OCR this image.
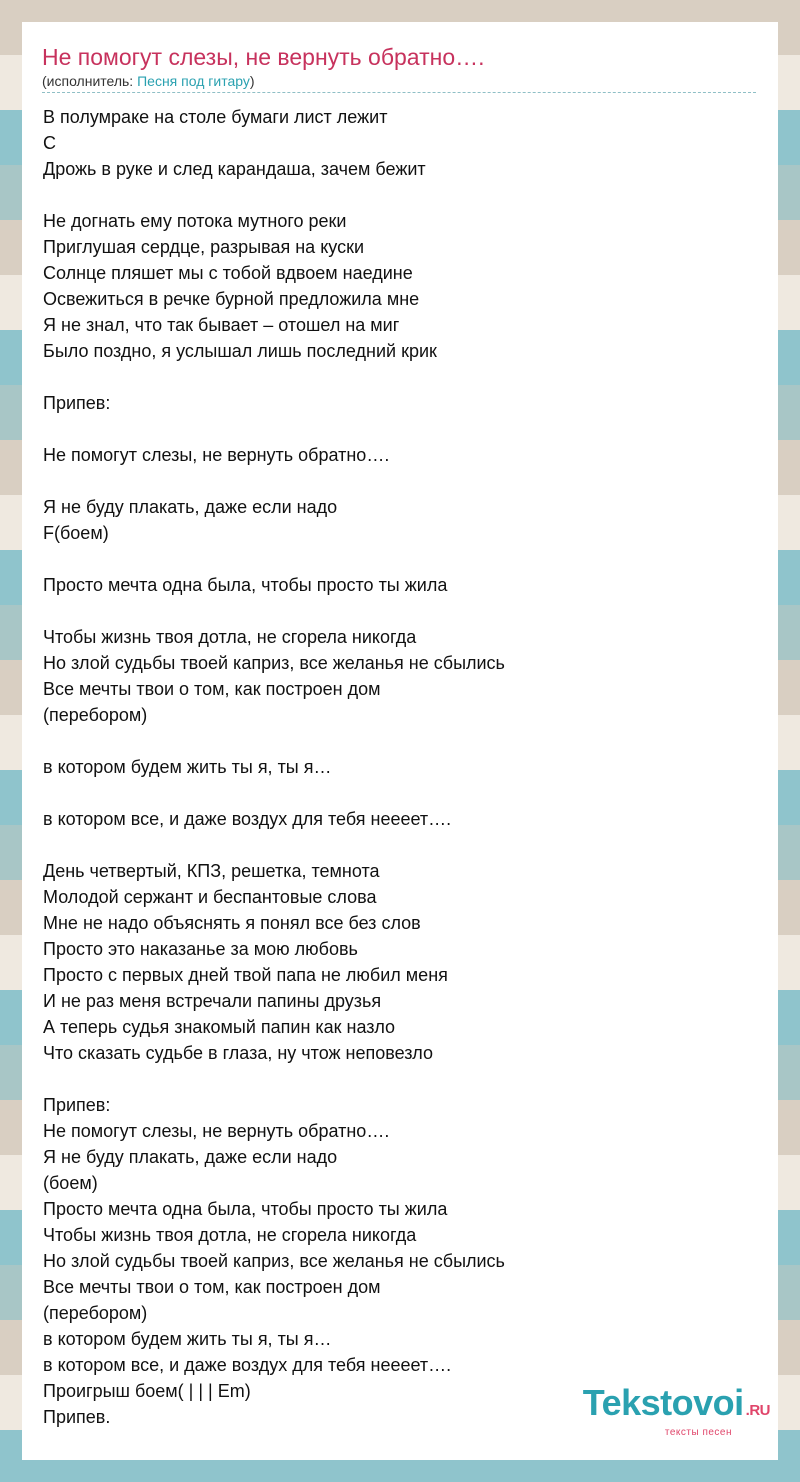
Не помогут слезы, не вернуть обратно….
(исполнитель: Песня под гитару)
В полумраке на столе бумаги лист лежит
C
Дрожь в руке и след карандаша, зачем бежит
Не догнать ему потока мутного реки
Приглушая сердце, разрывая на куски
Солнце пляшет мы с тобой вдвоем наедине
Освежиться в речке бурной предложила мне
Я не знал, что так бывает – отошел на миг
Было поздно, я услышал лишь последний крик
Припев:
Не помогут слезы, не вернуть обратно….
Я не буду плакать, даже если надо
F(боем)
Просто мечта одна была, чтобы просто ты жила
Чтобы жизнь твоя дотла, не сгорела никогда
Но злой судьбы твоей каприз, все желанья не сбылись
Все мечты твои о том, как построен дом
(перебором)
в котором будем жить ты я, ты я…
в котором все, и даже воздух для тебя неееет….
День четвертый, КПЗ, решетка, темнота
Молодой сержант и беспантовые слова
Мне не надо объяснять я понял все без слов
Просто это наказанье за мою любовь
Просто с первых дней твой папа не любил меня
И не раз меня встречали папины друзья
А теперь судья знакомый папин как назло
Что сказать судьбе в глаза, ну чтож неповезло
Припев:
Не помогут слезы, не вернуть обратно….
Я не буду плакать, даже если надо
(боем)
Просто мечта одна была, чтобы просто ты жила
Чтобы жизнь твоя дотла, не сгорела никогда
Но злой судьбы твоей каприз, все желанья не сбылись
Все мечты твои о том, как построен дом
(перебором)
в котором будем жить ты я, ты я…
в котором все, и даже воздух для тебя неееет….
Проигрыш боем( | | | Em)
Припев.	Tekstovoi .RU
тексты песен
